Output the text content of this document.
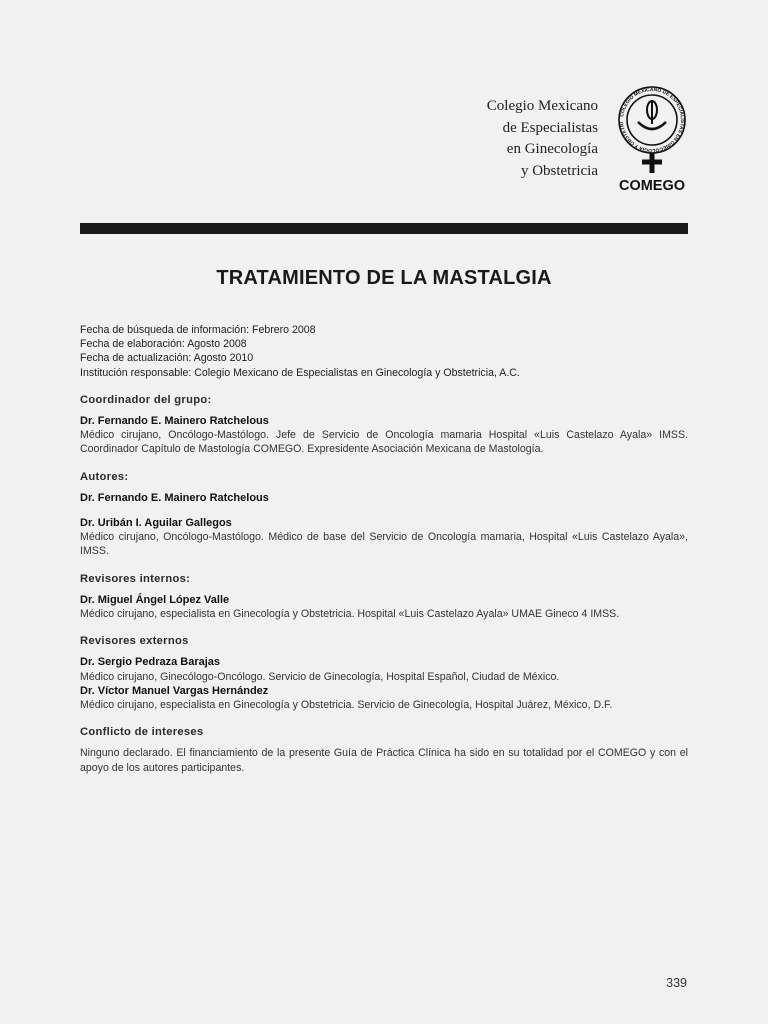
Colegio Mexicano
de Especialistas
en Ginecología
y Obstetricia
COLEGIO MEXICANO DE ESPECIALISTAS EN GINECOLOGÍA Y OBSTETRI
COMEGO
TRATAMIENTO DE LA MASTALGIA
Fecha de búsqueda de información: Febrero 2008
Fecha de elaboración: Agosto 2008
Fecha de actualización: Agosto 2010
Institución responsable: Colegio Mexicano de Especialistas en Ginecología y Obstetricia, A.C.
Coordinador del grupo:
Dr. Fernando E. Mainero Ratchelous
Médico cirujano, Oncólogo-Mastólogo. Jefe de Servicio de Oncología mamaria Hospital «Luis Castelazo Ayala» IMSS. Coordinador Capítulo de Mastología COMEGO. Expresidente Asociación Mexicana de Mastología.
Autores:
Dr. Fernando E. Mainero Ratchelous
Dr. Uribán I. Aguilar Gallegos
Médico cirujano, Oncólogo-Mastólogo. Médico de base del Servicio de Oncología mamaria, Hospital «Luis Castelazo Ayala», IMSS.
Revisores internos:
Dr. Miguel Ángel López Valle
Médico cirujano, especialista en Ginecología y Obstetricia. Hospital «Luis Castelazo Ayala» UMAE Gineco 4 IMSS.
Revisores externos
Dr. Sergio Pedraza Barajas
Médico cirujano, Ginecólogo-Oncólogo. Servicio de Ginecología, Hospital Español, Ciudad de México.
Dr. Víctor Manuel Vargas Hernández
Médico cirujano, especialista en Ginecología y Obstetricia. Servicio de Ginecología, Hospital Juárez, México, D.F.
Conflicto de intereses
Ninguno declarado. El financiamiento de la presente Guía de Práctica Clínica ha sido en su totalidad por el COMEGO y con el apoyo de los autores participantes.
339
